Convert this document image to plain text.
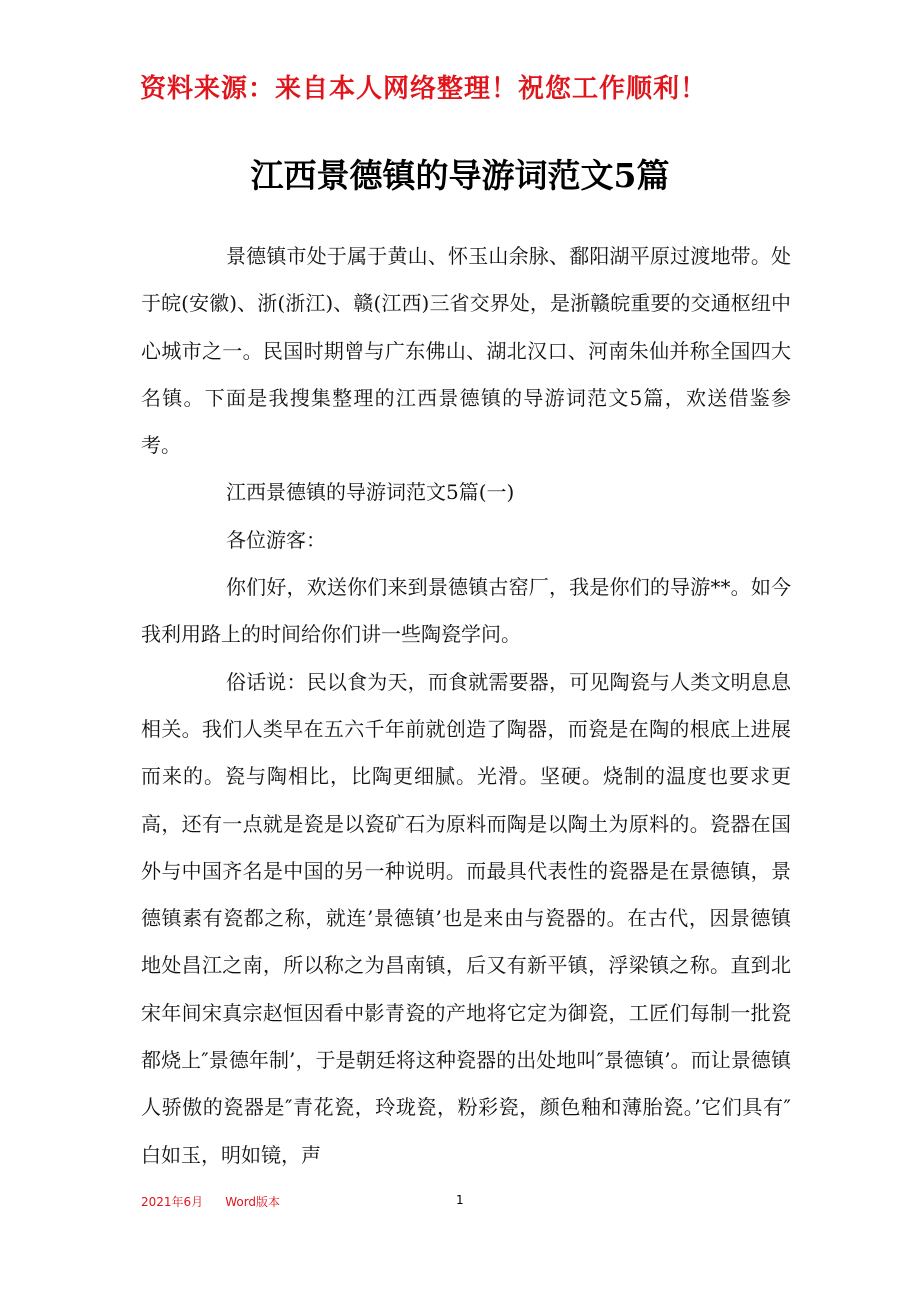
资料来源：来自本人网络整理！祝您工作顺利！
江西景德镇的导游词范文5篇

景德镇市处于属于黄山、怀玉山余脉、鄱阳湖平原过渡地带。处于皖(安徽)、浙(浙江)、赣(江西)三省交界处，是浙赣皖重要的交通枢纽中心城市之一。民国时期曾与广东佛山、湖北汉口、河南朱仙并称全国四大名镇。下面是我搜集整理的江西景德镇的导游词范文5篇，欢送借鉴参考。

江西景德镇的导游词范文5篇(一)

各位游客：

你们好，欢送你们来到景德镇古窑厂，我是你们的导游**。如今我利用路上的时间给你们讲一些陶瓷学问。

俗话说：民以食为天，而食就需要器，可见陶瓷与人类文明息息相关。我们人类早在五六千年前就创造了陶器，而瓷是在陶的根底上进展而来的。瓷与陶相比，比陶更细腻。光滑。坚硬。烧制的温度也要求更高，还有一点就是瓷是以瓷矿石为原料而陶是以陶土为原料的。瓷器在国外与中国齐名是中国的另一种说明。而最具代表性的瓷器是在景德镇，景德镇素有瓷都之称，就连’景德镇’也是来由与瓷器的。在古代，因景德镇地处昌江之南，所以称之为昌南镇，后又有新平镇，浮梁镇之称。直到北宋年间宋真宗赵恒因看中影青瓷的产地将它定为御瓷，工匠们每制一批瓷都烧上″景德年制’，于是朝廷将这种瓷器的出处地叫″景德镇’。而让景德镇人骄傲的瓷器是″青花瓷，玲珑瓷，粉彩瓷，颜色釉和薄胎瓷。’它们具有″白如玉，明如镜，声

2021年6月 Word版本	1
